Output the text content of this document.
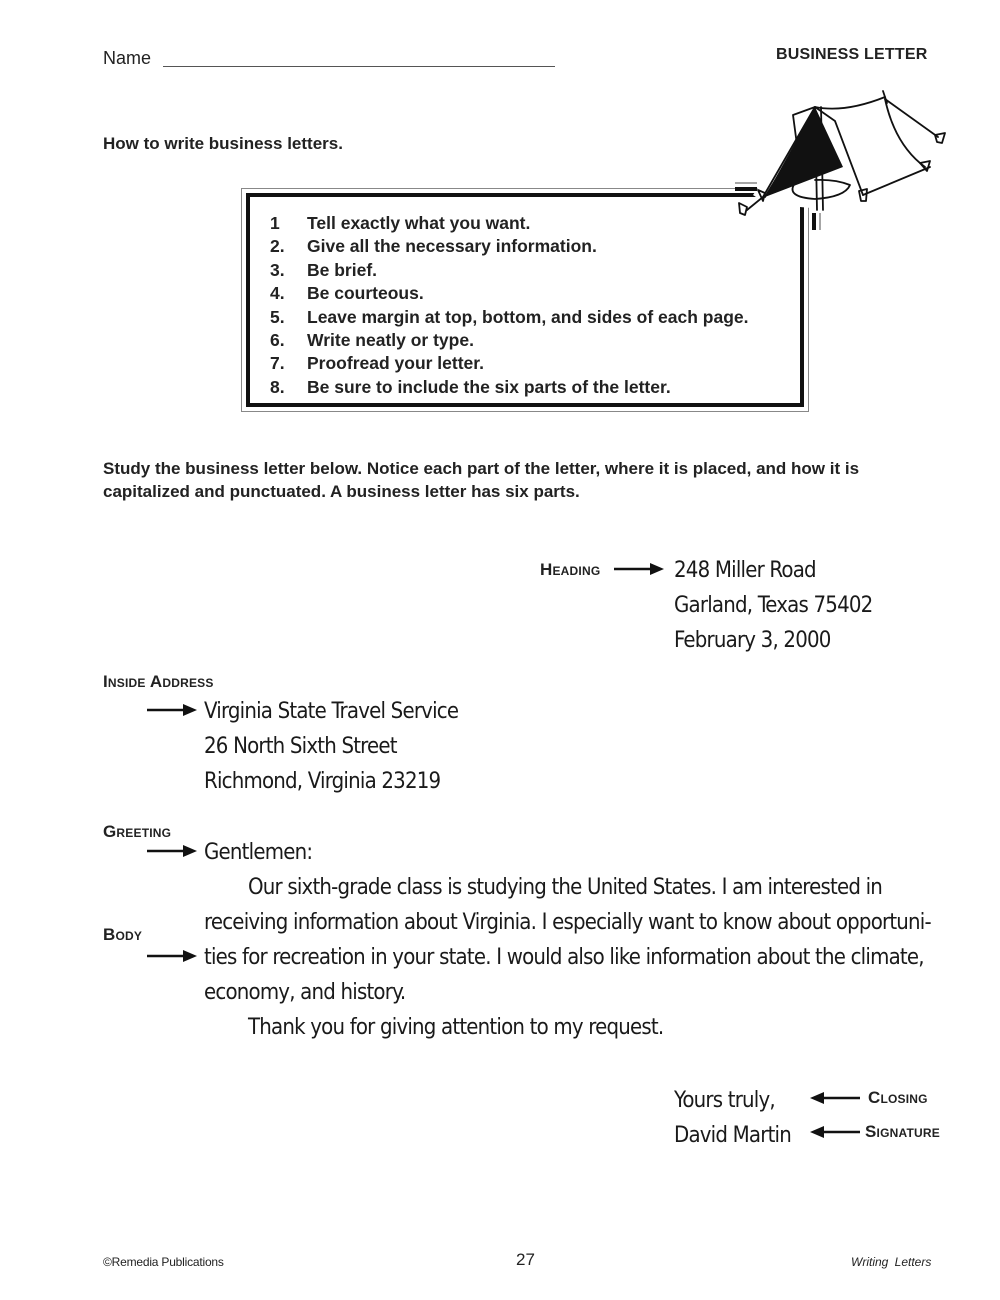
Name	BUSINESS LETTER
How to write business letters.
1	Tell exactly what you want.
2.	Give all the necessary information.
3.	Be brief.
4.	Be courteous.
5.	Leave margin at top, bottom, and sides of each page.
6.	Write neatly or type.
7.	Proofread your letter.
8.	Be sure to include the six parts of the letter.
Study the business letter below. Notice each part of the letter, where it is placed, and how it is capitalized and punctuated. A business letter has six parts.
Heading	248 Miller Road
Garland, Texas 75402
February 3, 2000
Inside Address
Virginia State Travel Service
26 North Sixth Street
Richmond, Virginia 23219
Greeting
Gentlemen:
Body

Our sixth-grade class is studying the United States. I am interested in

receiving information about Virginia. I especially want to know about opportuni-

ties for recreation in your state. I would also like information about the climate,

economy, and history.

Thank you for giving attention to my request.

Yours truly,	Closing
David Martin	Signature
©Remedia Publications	27	Writing Letters
